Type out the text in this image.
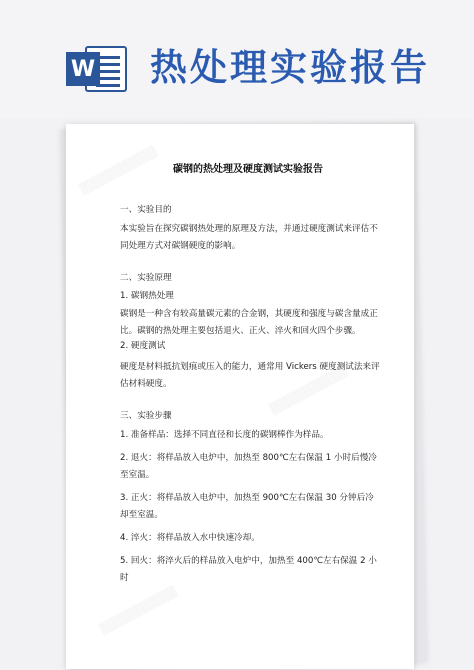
W 热处理实验报告
▒▒▒▒▒▒▒▒▒▒
▒▒▒▒▒▒▒▒▒▒
▒▒▒▒▒▒▒▒▒▒
碳钢的热处理及硬度测试实验报告
一、实验目的
本实验旨在探究碳钢热处理的原理及方法，并通过硬度测试来评估不同处理方式对碳钢硬度的影响。
二、实验原理
1. 碳钢热处理
碳钢是一种含有较高量碳元素的合金钢，其硬度和强度与碳含量成正比。碳钢的热处理主要包括退火、正火、淬火和回火四个步骤。
2. 硬度测试
硬度是材料抵抗划痕或压入的能力，通常用 Vickers 硬度测试法来评估材料硬度。
三、实验步骤
1. 准备样品：选择不同直径和长度的碳钢棒作为样品。
2. 退火：将样品放入电炉中，加热至 800℃左右保温 1 小时后慢冷至室温。
3. 正火：将样品放入电炉中，加热至 900℃左右保温 30 分钟后冷却至室温。
4. 淬火：将样品放入水中快速冷却。
5. 回火：将淬火后的样品放入电炉中，加热至 400℃左右保温 2 小时
